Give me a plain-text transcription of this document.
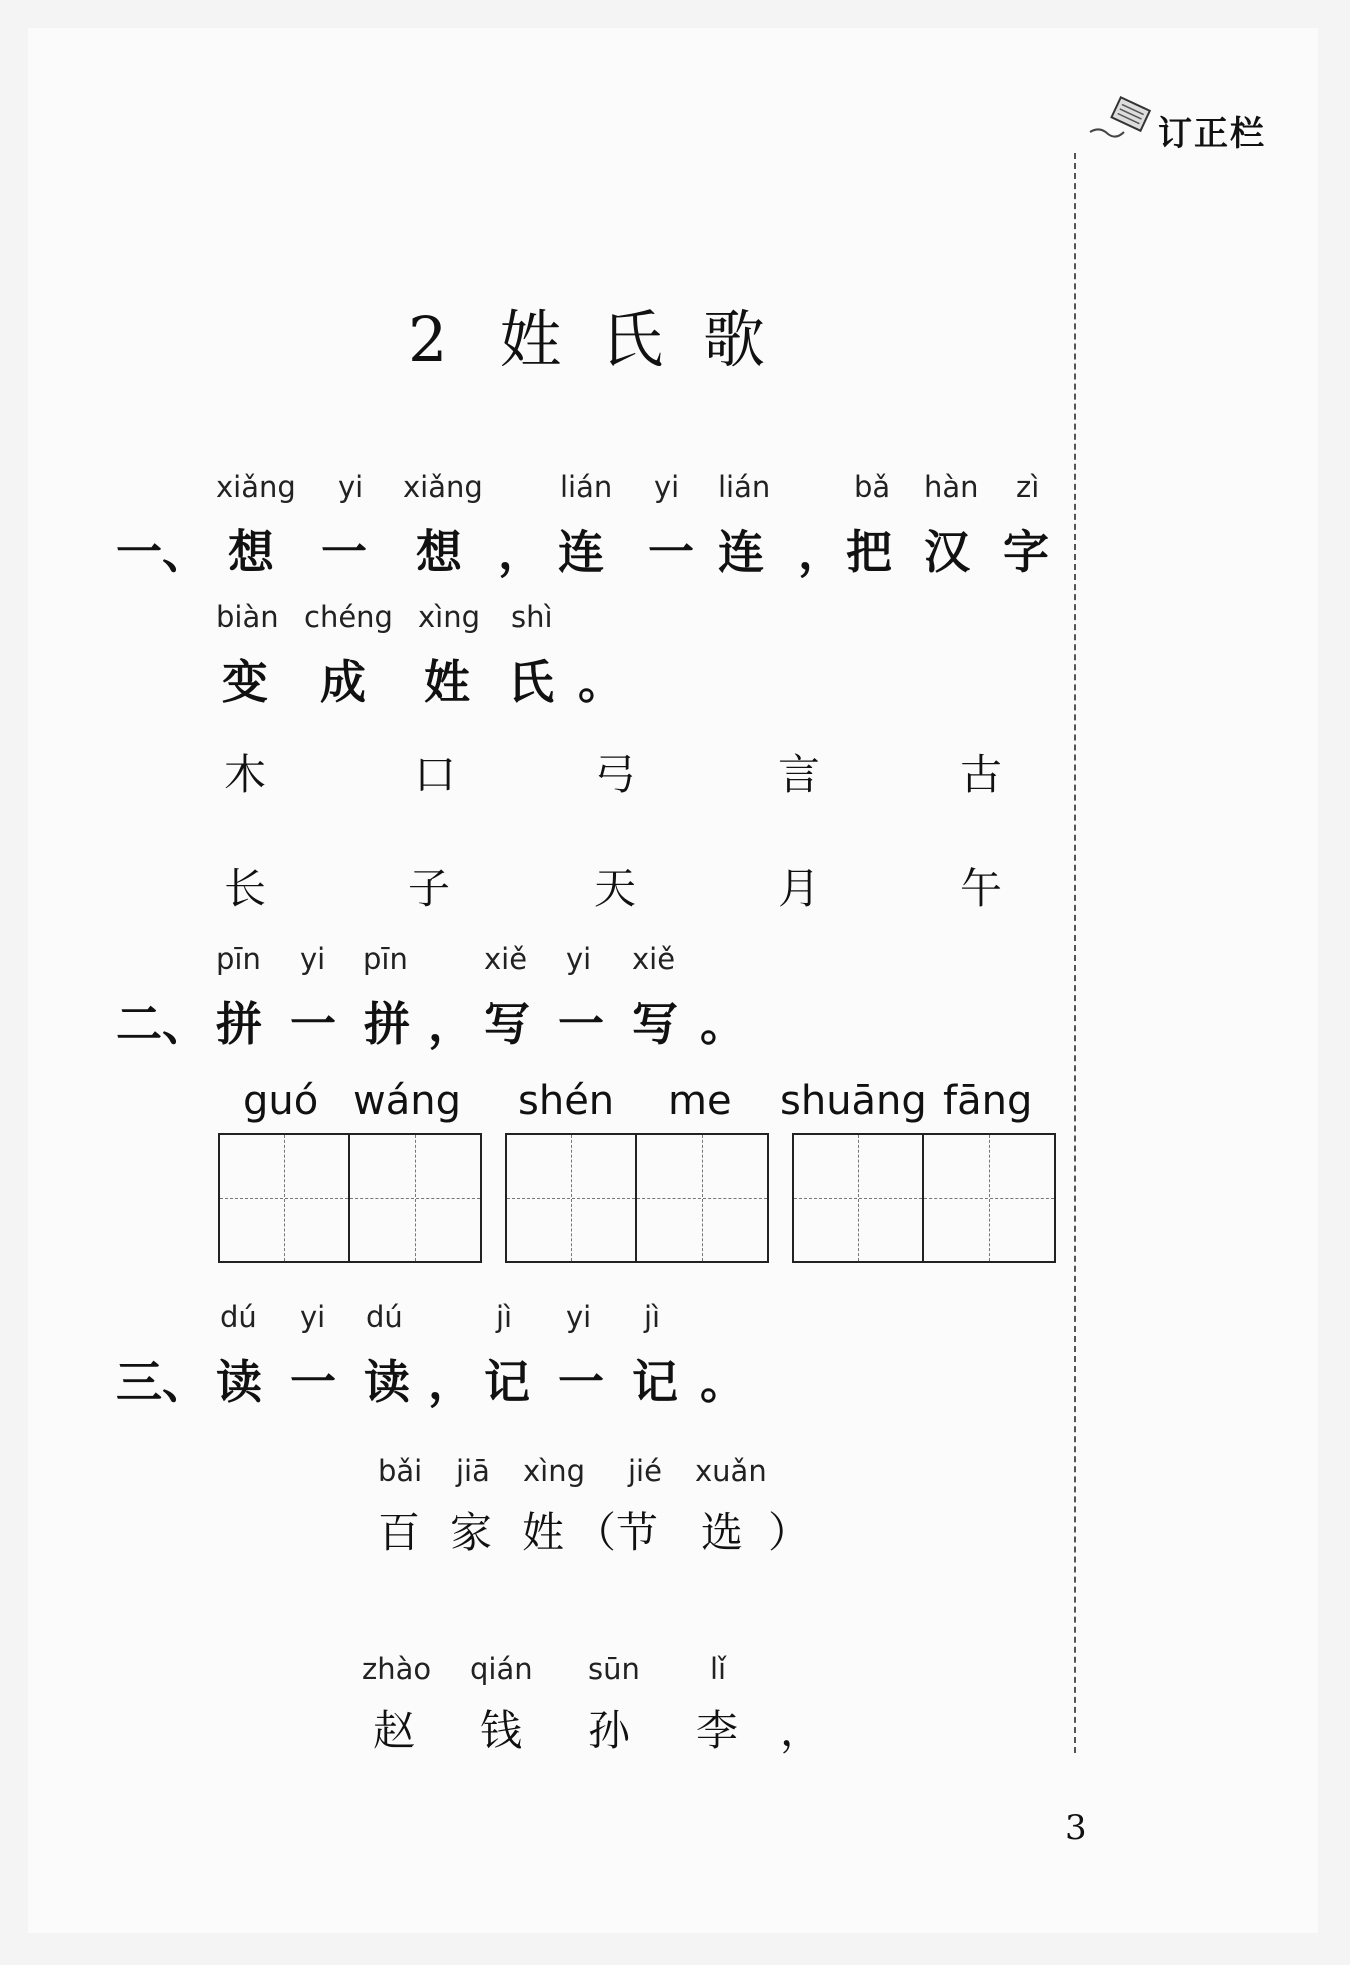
订正栏
2 姓 氏 歌
xiǎng yi xiǎng	lián yi lián	bǎ hàn zì
一、 想 一 想 ， 连 一 连 ， 把 汉 字
biàn chéng xìng shì
变 成 姓 氏 。
木	口	弓	言	古
长	子	天	月	午
pīn yi pīn	xiě yi xiě
二、 拼 一 拼 ， 写 一 写 。
guó wáng shén me shuāng fāng
dú yi dú	jì yi jì
三、 读 一 读 ， 记 一 记 。
bǎi jiā xìng jié xuǎn
百 家 姓 （节 选 ）
zhào qián sūn lǐ
赵 钱 孙 李 ，
3
